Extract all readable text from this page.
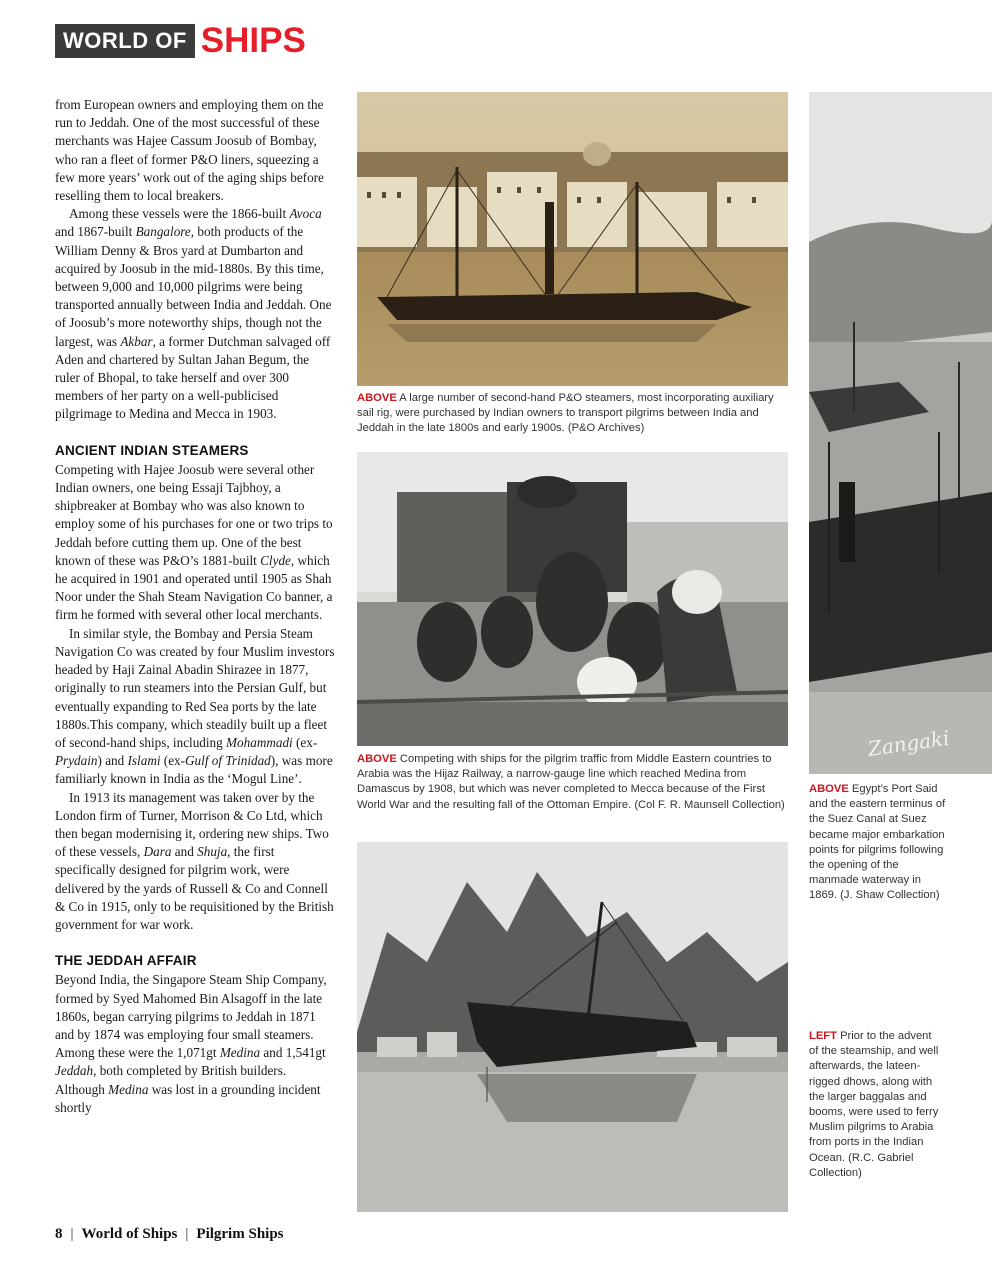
WORLD OF SHIPS

from European owners and employing them on the run to Jeddah. One of the most successful of these merchants was Hajee Cassum Joosub of Bombay, who ran a fleet of former P&O liners, squeezing a few more years’ work out of the aging ships before reselling them to local breakers.

Among these vessels were the 1866-built Avoca and 1867-built Bangalore, both products of the William Denny & Bros yard at Dumbarton and acquired by Joosub in the mid-1880s. By this time, between 9,000 and 10,000 pilgrims were being transported annually between India and Jeddah. One of Joosub’s more noteworthy ships, though not the largest, was Akbar, a former Dutchman salvaged off Aden and chartered by Sultan Jahan Begum, the ruler of Bhopal, to take herself and over 300 members of her party on a well-publicised pilgrimage to Medina and Mecca in 1903.

ANCIENT INDIAN STEAMERS

Competing with Hajee Joosub were several other Indian owners, one being Essaji Tajbhoy, a shipbreaker at Bombay who was also known to employ some of his purchases for one or two trips to Jeddah before cutting them up. One of the best known of these was P&O’s 1881-built Clyde, which he acquired in 1901 and operated until 1905 as Shah Noor under the Shah Steam Navigation Co banner, a firm he formed with several other local merchants.

In similar style, the Bombay and Persia Steam Navigation Co was created by four Muslim investors headed by Haji Zainal Abadin Shirazee in 1877, originally to run steamers into the Persian Gulf, but eventually expanding to Red Sea ports by the late 1880s.This company, which steadily built up a fleet of second-hand ships, including Mohammadi (ex-Prydain) and Islami (ex-Gulf of Trinidad), was more familiarly known in India as the ‘Mogul Line’.

In 1913 its management was taken over by the London firm of Turner, Morrison & Co Ltd, which then began modernising it, ordering new ships. Two of these vessels, Dara and Shuja, the first specifically designed for pilgrim work, were delivered by the yards of Russell & Co and Connell & Co in 1915, only to be requisitioned by the British government for war work.

THE JEDDAH AFFAIR

Beyond India, the Singapore Steam Ship Company, formed by Syed Mahomed Bin Alsagoff in the late 1860s, began carrying pilgrims to Jeddah in 1871 and by 1874 was employing four small steamers. Among these were the 1,071gt Medina and 1,541gt Jeddah, both completed by British builders. Although Medina was lost in a grounding incident shortly

ABOVE A large number of second-hand P&O steamers, most incorporating auxiliary sail rig, were purchased by Indian owners to transport pilgrims between India and Jeddah in the late 1800s and early 1900s. (P&O Archives)
ABOVE Competing with ships for the pilgrim traffic from Middle Eastern countries to Arabia was the Hijaz Railway, a narrow-gauge line which reached Medina from Damascus by 1908, but which was never completed to Mecca because of the First World War and the resulting fall of the Ottoman Empire. (Col F. R. Maunsell Collection)
Zangaki
ABOVE Egypt’s Port Said and the eastern terminus of the Suez Canal at Suez became major embarkation points for pilgrims following the opening of the manmade waterway in 1869. (J. Shaw Collection)
LEFT Prior to the advent of the steamship, and well afterwards, the lateen-rigged dhows, along with the larger baggalas and booms, were used to ferry Muslim pilgrims to Arabia from ports in the Indian Ocean. (R.C. Gabriel Collection)
8 | World of Ships | Pilgrim Ships
